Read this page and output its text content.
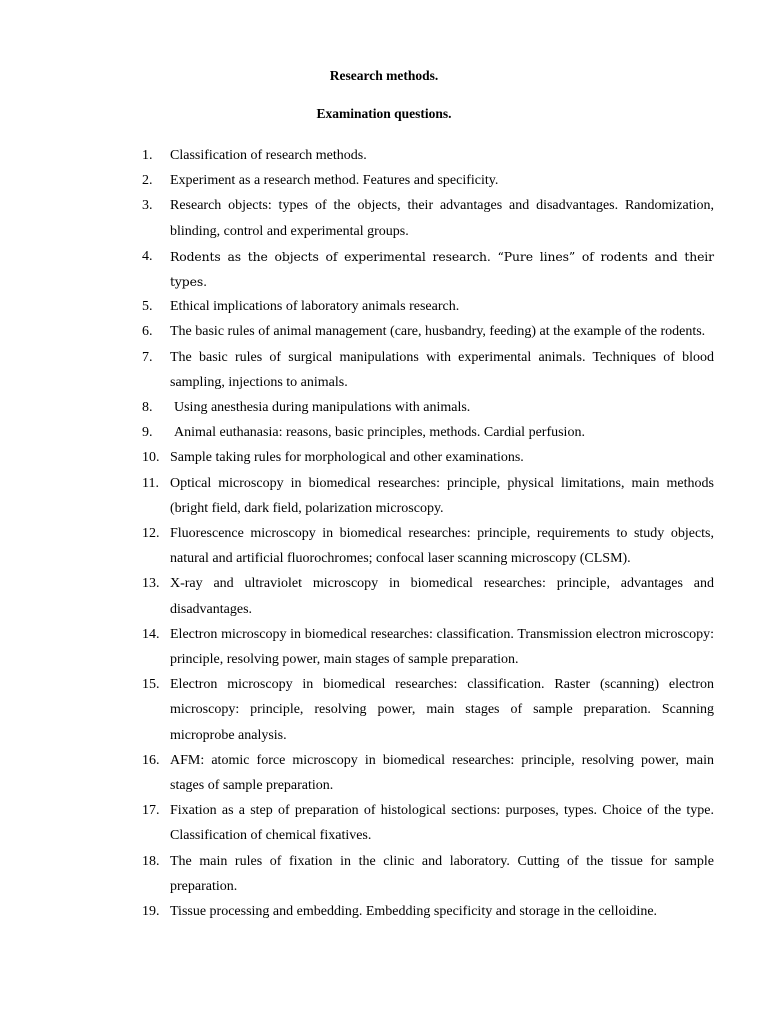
Research methods.
Examination questions.
1.	Classification of research methods.
2.	Experiment as a research method. Features and specificity.
3.	Research objects: types of the objects, their advantages and disadvantages. Randomization, blinding, control and experimental groups.
4.	Rodents as the objects of experimental research. “Pure lines” of rodents and their types.
5.	Ethical implications of laboratory animals research.
6.	The basic rules of animal management (care, husbandry, feeding) at the example of the rodents.
7.	The basic rules of surgical manipulations with experimental animals. Techniques of blood sampling, injections to animals.
8.	Using anesthesia during manipulations with animals.
9.	Animal euthanasia: reasons, basic principles, methods. Cardial perfusion.
10. Sample taking rules for morphological and other examinations.
11. Optical microscopy in biomedical researches: principle, physical limitations, main methods (bright field, dark field, polarization microscopy.
12. Fluorescence microscopy in biomedical researches: principle, requirements to study objects, natural and artificial fluorochromes; confocal laser scanning microscopy (CLSM).
13. X-ray and ultraviolet microscopy in biomedical researches: principle, advantages and disadvantages.
14. Electron microscopy in biomedical researches: classification. Transmission electron microscopy: principle, resolving power, main stages of sample preparation.
15. Electron microscopy in biomedical researches: classification. Raster (scanning) electron microscopy: principle, resolving power, main stages of sample preparation. Scanning microprobe analysis.
16. AFM: atomic force microscopy in biomedical researches: principle, resolving power, main stages of sample preparation.
17. Fixation as a step of preparation of histological sections: purposes, types. Choice of the type. Classification of chemical fixatives.
18. The main rules of fixation in the clinic and laboratory. Cutting of the tissue for sample preparation.
19. Tissue processing and embedding. Embedding specificity and storage in the celloidine.
